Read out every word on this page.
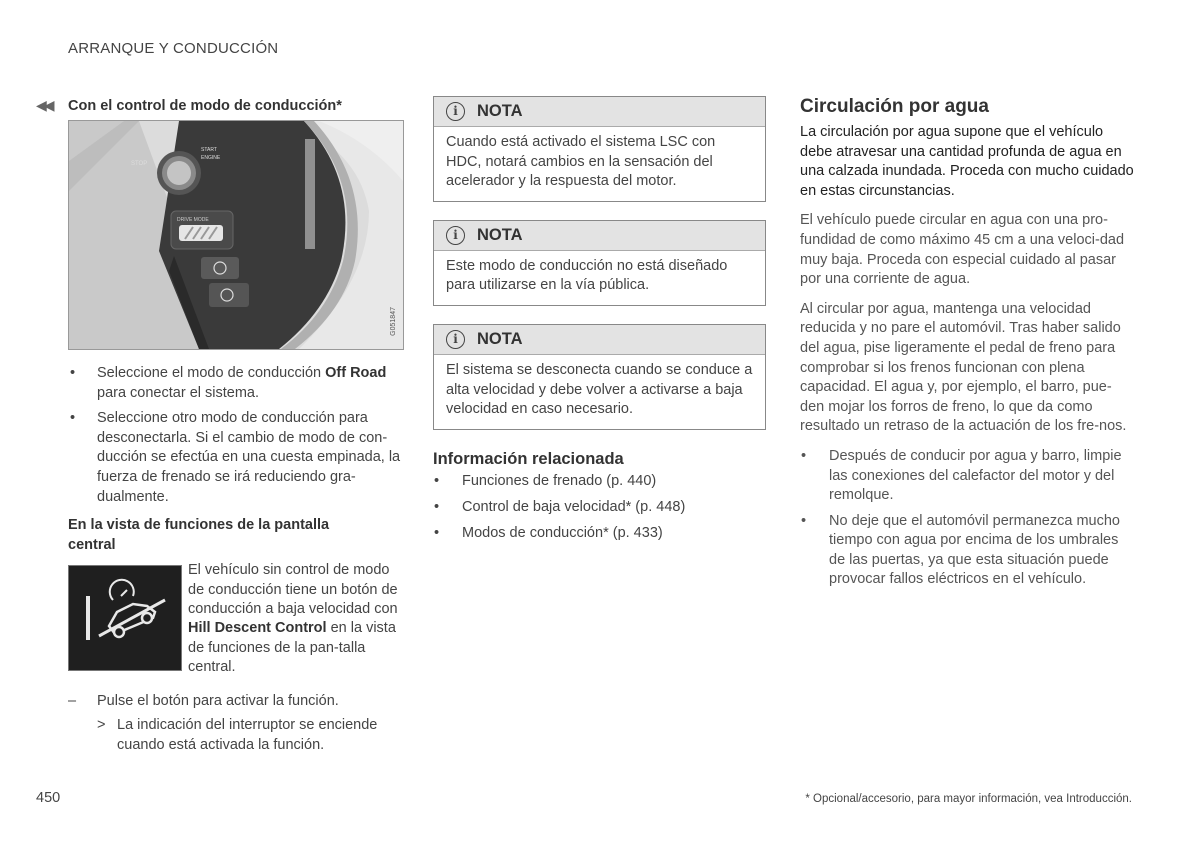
ARRANQUE Y CONDUCCIÓN
◀◀ Con el control de modo de conducción*
STOP
START
ENGINE
DRIVE MODE
G051847
• Seleccione el modo de conducción Off Road para conectar el sistema.
• Seleccione otro modo de conducción para desconectarla. Si el cambio de modo de con-ducción se efectúa en una cuesta empinada, la fuerza de frenado se irá reduciendo gra-dualmente.
En la vista de funciones de la pantalla central
El vehículo sin control de modo de conducción tiene un botón de conducción a baja velocidad con Hill Descent Control en la vista de funciones de la pan-talla central.
– Pulse el botón para activar la función.
> La indicación del interruptor se enciende cuando está activada la función.
i	NOTA
Cuando está activado el sistema LSC con HDC, notará cambios en la sensación del acelerador y la respuesta del motor.
i	NOTA
Este modo de conducción no está diseñado para utilizarse en la vía pública.
i	NOTA
El sistema se desconecta cuando se conduce a alta velocidad y debe volver a activarse a baja velocidad en caso necesario.
Información relacionada
• Funciones de frenado (p. 440)
• Control de baja velocidad* (p. 448)
• Modos de conducción* (p. 433)
Circulación por agua
La circulación por agua supone que el vehículo debe atravesar una cantidad profunda de agua en una calzada inundada. Proceda con mucho cuidado en estas circunstancias.
El vehículo puede circular en agua con una pro-fundidad de como máximo 45 cm a una veloci-dad muy baja. Proceda con especial cuidado al pasar por una corriente de agua.
Al circular por agua, mantenga una velocidad reducida y no pare el automóvil. Tras haber salido del agua, pise ligeramente el pedal de freno para comprobar si los frenos funcionan con plena capacidad. El agua y, por ejemplo, el barro, pue-den mojar los forros de freno, lo que da como resultado un retraso de la actuación de los fre-nos.
• Después de conducir por agua y barro, limpie las conexiones del calefactor del motor y del remolque.
• No deje que el automóvil permanezca mucho tiempo con agua por encima de los umbrales de las puertas, ya que esta situación puede provocar fallos eléctricos en el vehículo.
450	* Opcional/accesorio, para mayor información, vea Introducción.
